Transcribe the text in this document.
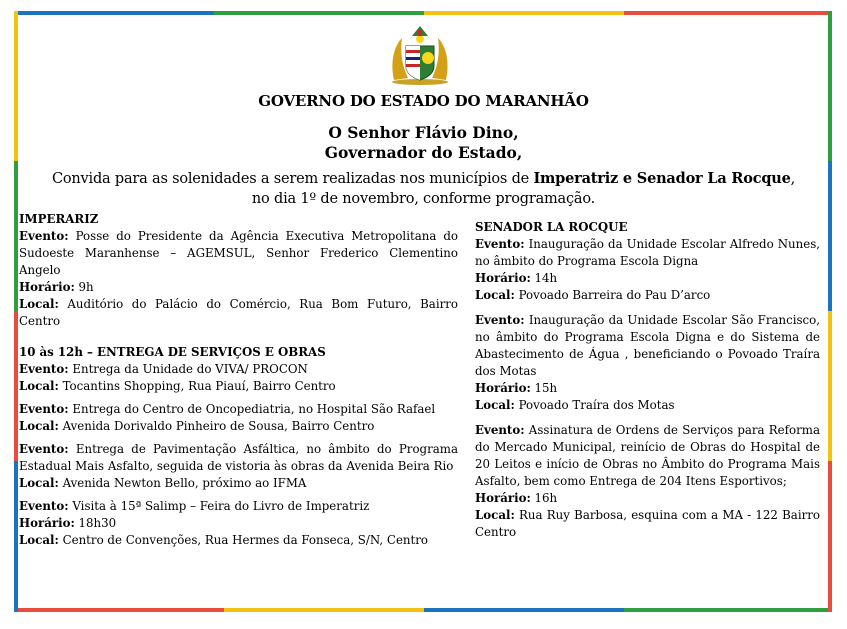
GOVERNO DO ESTADO DO MARANHÃO
O Senhor Flávio Dino,
Governador do Estado,
Convida para as solenidades a serem realizadas nos municípios de Imperatriz e Senador La Rocque,
no dia 1º de novembro, conforme programação.
IMPERARIZ
Evento: Posse do Presidente da Agência Executiva Metropolitana do Sudoeste Maranhense – AGEMSUL, Senhor Frederico Clementino Angelo
Horário: 9h
Local: Auditório do Palácio do Comércio, Rua Bom Futuro, Bairro Centro
10 às 12h – ENTREGA DE SERVIÇOS E OBRAS
Evento: Entrega da Unidade do VIVA/ PROCON
Local: Tocantins Shopping, Rua Piauí, Bairro Centro
Evento: Entrega do Centro de Oncopediatria, no Hospital São Rafael
Local: Avenida Dorivaldo Pinheiro de Sousa, Bairro Centro
Evento: Entrega de Pavimentação Asfáltica, no âmbito do Programa Estadual Mais Asfalto, seguida de vistoria às obras da Avenida Beira Rio
Local: Avenida Newton Bello, próximo ao IFMA
Evento: Visita à 15ª Salimp – Feira do Livro de Imperatriz
Horário: 18h30
Local: Centro de Convenções, Rua Hermes da Fonseca, S/N, Centro
SENADOR LA ROCQUE
Evento: Inauguração da Unidade Escolar Alfredo Nunes, no âmbito do Programa Escola Digna
Horário: 14h
Local: Povoado Barreira do Pau D’arco
Evento: Inauguração da Unidade Escolar São Francisco, no âmbito do Programa Escola Digna e do Sistema de Abastecimento de Água , beneficiando o Povoado Traíra dos Motas
Horário: 15h
Local: Povoado Traíra dos Motas
Evento: Assinatura de Ordens de Serviços para Reforma do Mercado Municipal, reinício de Obras do Hospital de 20 Leitos e início de Obras no Âmbito do Programa Mais Asfalto, bem como Entrega de 204 Itens Esportivos;
Horário: 16h
Local: Rua Ruy Barbosa, esquina com a MA - 122 Bairro Centro
